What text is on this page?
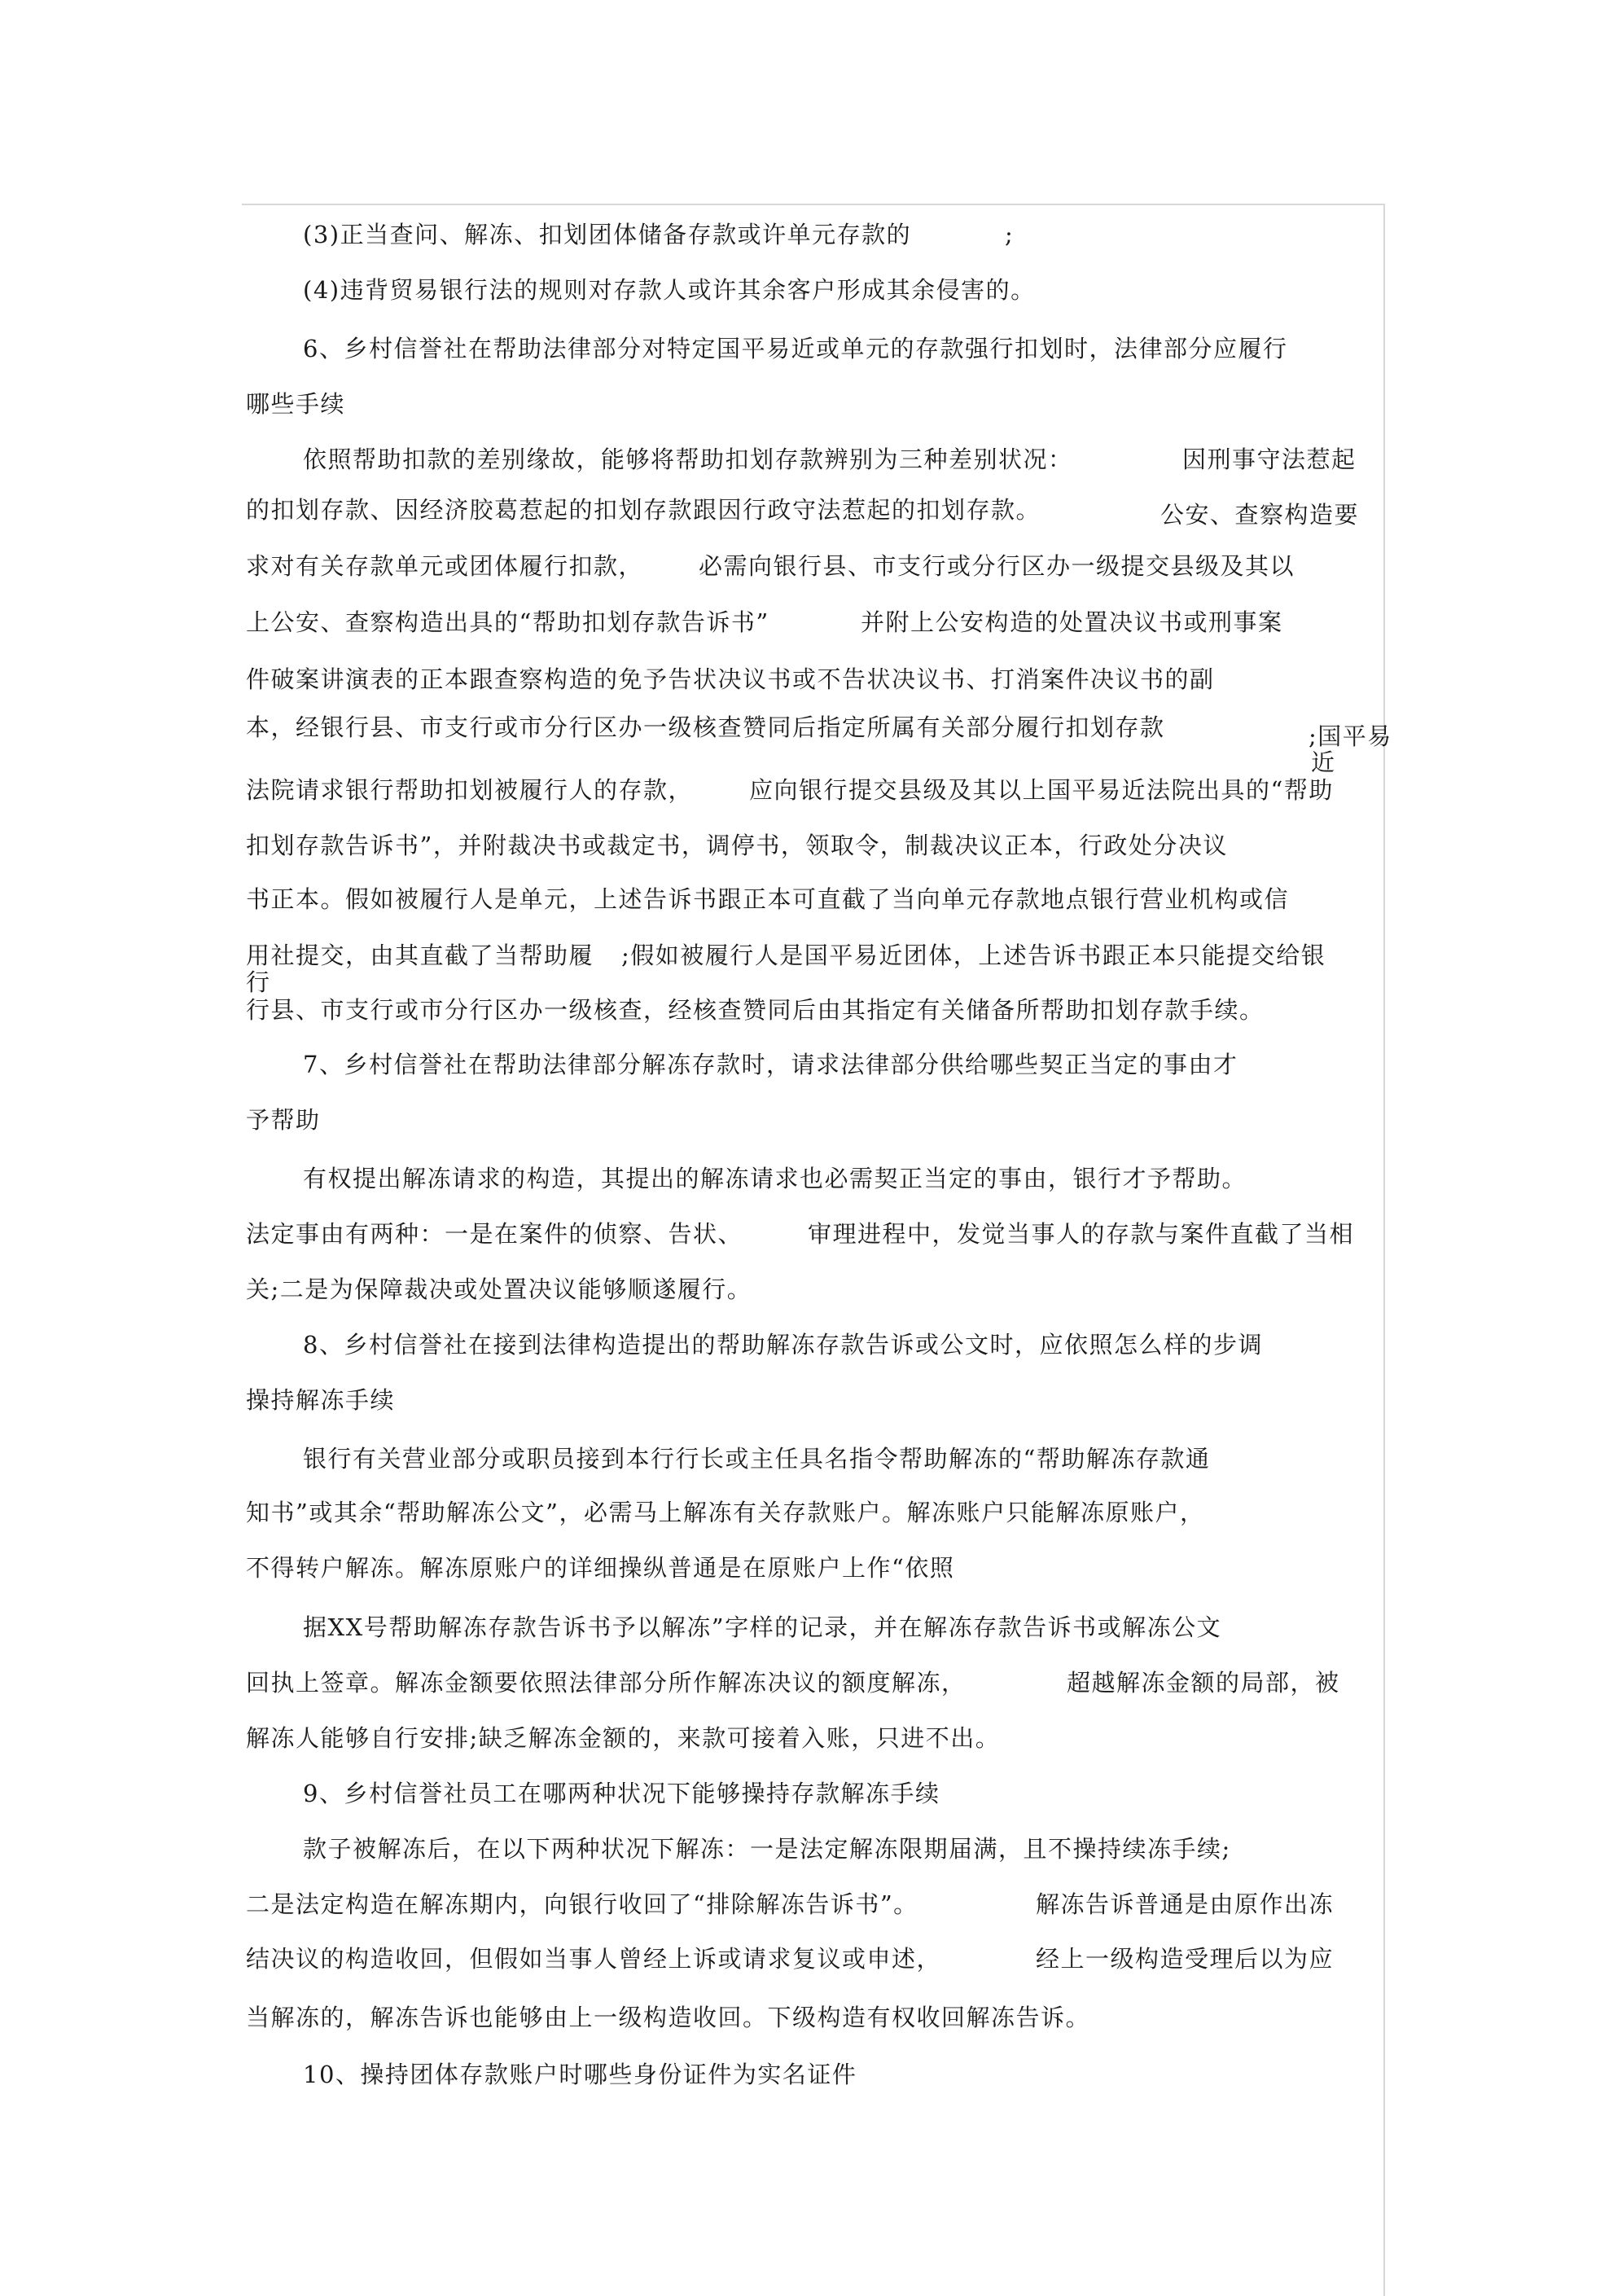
(3)正当查问、解冻、扣划团体储备存款或许单元存款的	;
(4)违背贸易银行法的规则对存款人或许其余客户形成其余侵害的。
6、乡村信誉社在帮助法律部分对特定国平易近或单元的存款强行扣划时，法律部分应履行
哪些手续
依照帮助扣款的差别缘故，能够将帮助扣划存款辨别为三种差别状况：	因刑事守法惹起
的扣划存款、因经济胶葛惹起的扣划存款跟因行政守法惹起的扣划存款。	公安、查察构造要
求对有关存款单元或团体履行扣款， 必需向银行县、市支行或分行区办一级提交县级及其以
上公安、查察构造出具的“帮助扣划存款告诉书”	并附上公安构造的处置决议书或刑事案
件破案讲演表的正本跟查察构造的免予告状决议书或不告状决议书、打消案件决议书的副
本，经银行县、市支行或市分行区办一级核查赞同后指定所属有关部分履行扣划存款	;国平易
近
法院请求银行帮助扣划被履行人的存款， 应向银行提交县级及其以上国平易近法院出具的“帮助
扣划存款告诉书”，并附裁决书或裁定书，调停书，领取令，制裁决议正本，行政处分决议
书正本。假如被履行人是单元，上述告诉书跟正本可直截了当向单元存款地点银行营业机构或信
用社提交，由其直截了当帮助履 ;假如被履行人是国平易近团体，上述告诉书跟正本只能提交给银
行
行县、市支行或市分行区办一级核查，经核查赞同后由其指定有关储备所帮助扣划存款手续。
7、乡村信誉社在帮助法律部分解冻存款时，请求法律部分供给哪些契正当定的事由才
予帮助
有权提出解冻请求的构造，其提出的解冻请求也必需契正当定的事由，银行才予帮助。
法定事由有两种：一是在案件的侦察、告状、	审理进程中，发觉当事人的存款与案件直截了当相
关;二是为保障裁决或处置决议能够顺遂履行。
8、乡村信誉社在接到法律构造提出的帮助解冻存款告诉或公文时，应依照怎么样的步调
操持解冻手续
银行有关营业部分或职员接到本行行长或主任具名指令帮助解冻的“帮助解冻存款通
知书”或其余“帮助解冻公文”，必需马上解冻有关存款账户。解冻账户只能解冻原账户，
不得转户解冻。解冻原账户的详细操纵普通是在原账户上作“依照
据XX号帮助解冻存款告诉书予以解冻”字样的记录，并在解冻存款告诉书或解冻公文
回执上签章。解冻金额要依照法律部分所作解冻决议的额度解冻，	超越解冻金额的局部，被
解冻人能够自行安排;缺乏解冻金额的，来款可接着入账，只进不出。
9、乡村信誉社员工在哪两种状况下能够操持存款解冻手续
款子被解冻后，在以下两种状况下解冻：一是法定解冻限期届满，且不操持续冻手续;
二是法定构造在解冻期内，向银行收回了“排除解冻告诉书”。	解冻告诉普通是由原作出冻
结决议的构造收回，但假如当事人曾经上诉或请求复议或申述，	经上一级构造受理后以为应
当解冻的，解冻告诉也能够由上一级构造收回。下级构造有权收回解冻告诉。
10、操持团体存款账户时哪些身份证件为实名证件
